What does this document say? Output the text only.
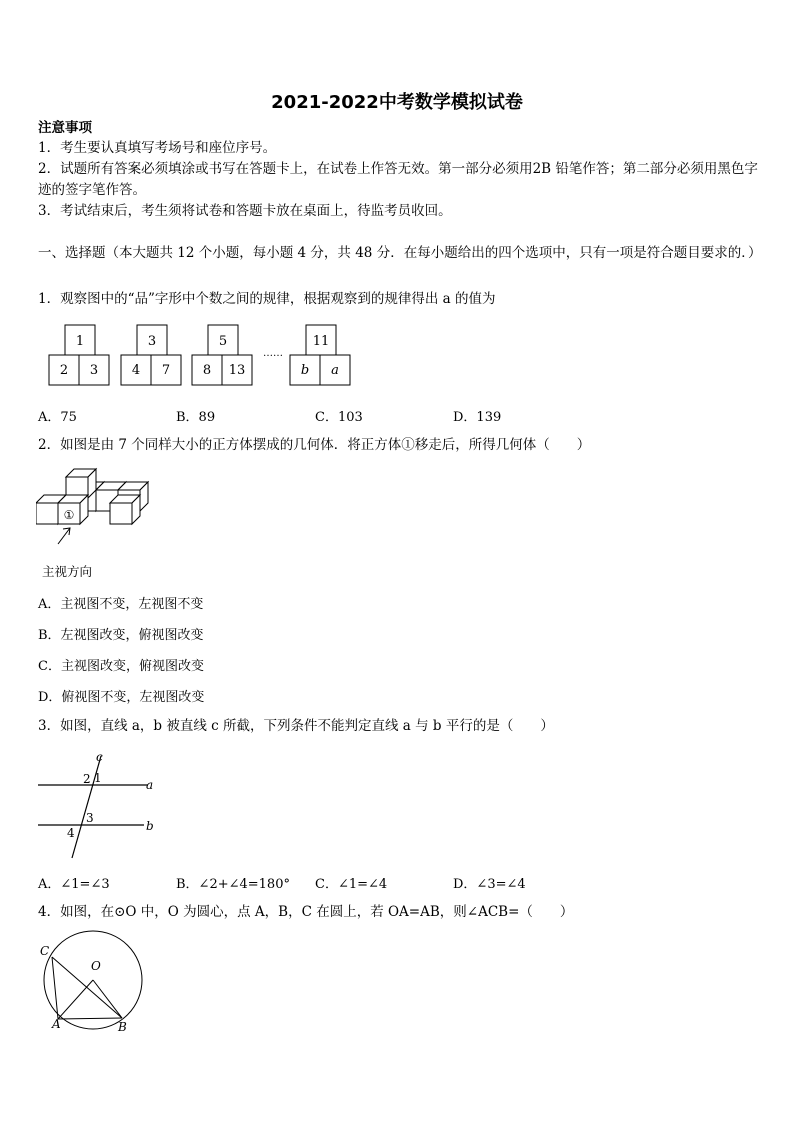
2021-2022中考数学模拟试卷
注意事项
1．考生要认真填写考场号和座位序号。
2．试题所有答案必须填涂或书写在答题卡上，在试卷上作答无效。第一部分必须用2B 铅笔作答；第二部分必须用黑色字迹的签字笔作答。
3．考试结束后，考生须将试卷和答题卡放在桌面上，待监考员收回。
一、选择题（本大题共 12 个小题，每小题 4 分，共 48 分．在每小题给出的四个选项中，只有一项是符合题目要求的．）
1．观察图中的“品”字形中个数之间的规律，根据观察到的规律得出 a 的值为
1
2 3
3
4 7
5
8 13
……
11
b a
A．75	B．89	C．103	D．139
2．如图是由 7 个同样大小的正方体摆成的几何体．将正方体①移走后，所得几何体（　　）
①
主视方向
A．主视图不变，左视图不变
B．左视图改变，俯视图改变
C．主视图改变，俯视图改变
D．俯视图不变，左视图改变
3．如图，直线 a，b 被直线 c 所截，下列条件不能判定直线 a 与 b 平行的是（　　）
c
a
b
2 1
3
4
A．∠1=∠3	B．∠2+∠4=180° C．∠1=∠4	D．∠3=∠4
4．如图，在⊙O 中，O 为圆心，点 A，B，C 在圆上，若 OA=AB，则∠ACB=（　　）
C
O
A	B
